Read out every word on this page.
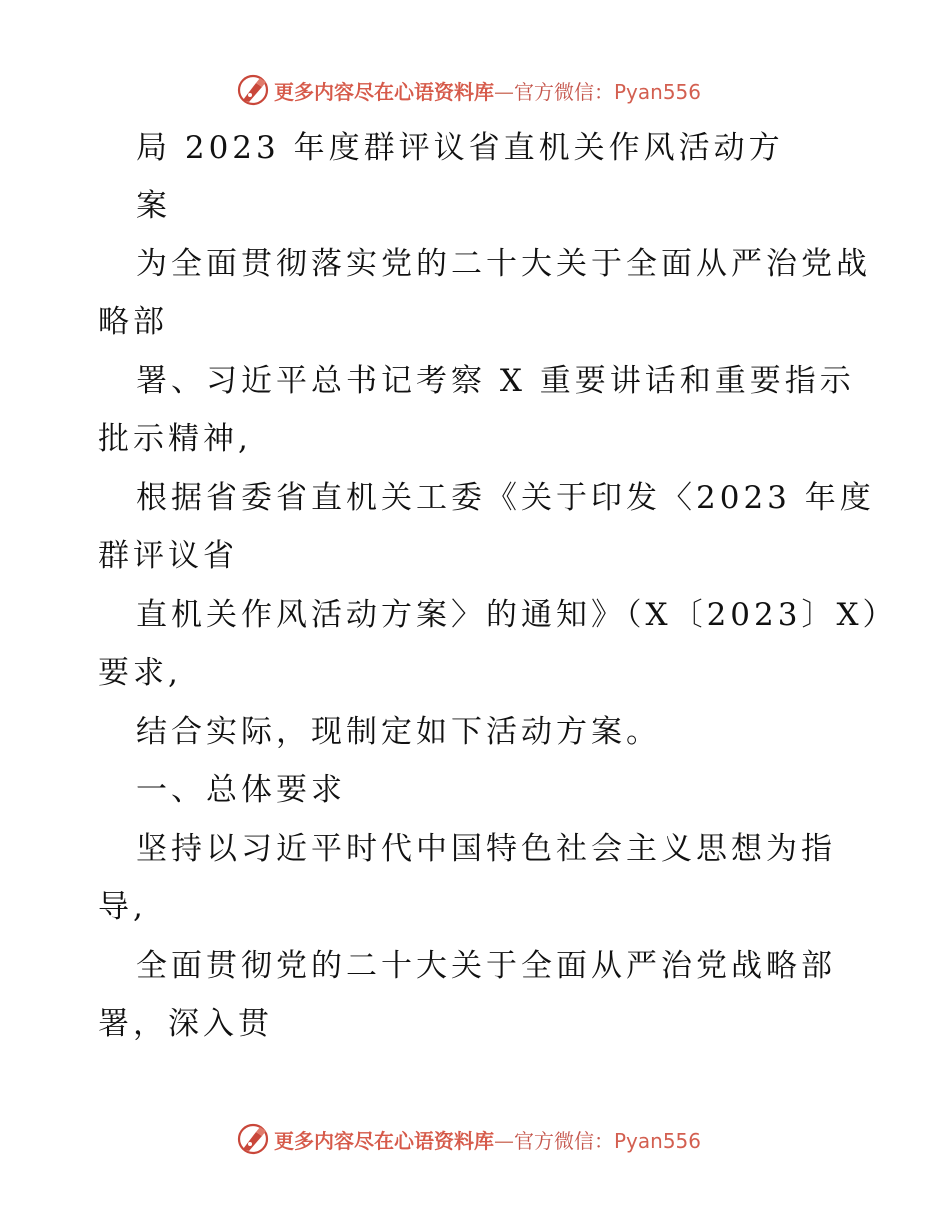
更多内容尽在心语资料库—官方微信：Pyan556
局 2023 年度群评议省直机关作风活动方
案
为全面贯彻落实党的二十大关于全面从严治党战
略部
署、习近平总书记考察 X 重要讲话和重要指示
批示精神,
根据省委省直机关工委《关于印发〈2023 年度
群评议省
直机关作风活动方案〉的通知》（X〔2023〕X）
要求,
结合实际，现制定如下活动方案。
一、总体要求
坚持以习近平时代中国特色社会主义思想为指
导,
全面贯彻党的二十大关于全面从严治党战略部
署，深入贯
更多内容尽在心语资料库—官方微信：Pyan556
